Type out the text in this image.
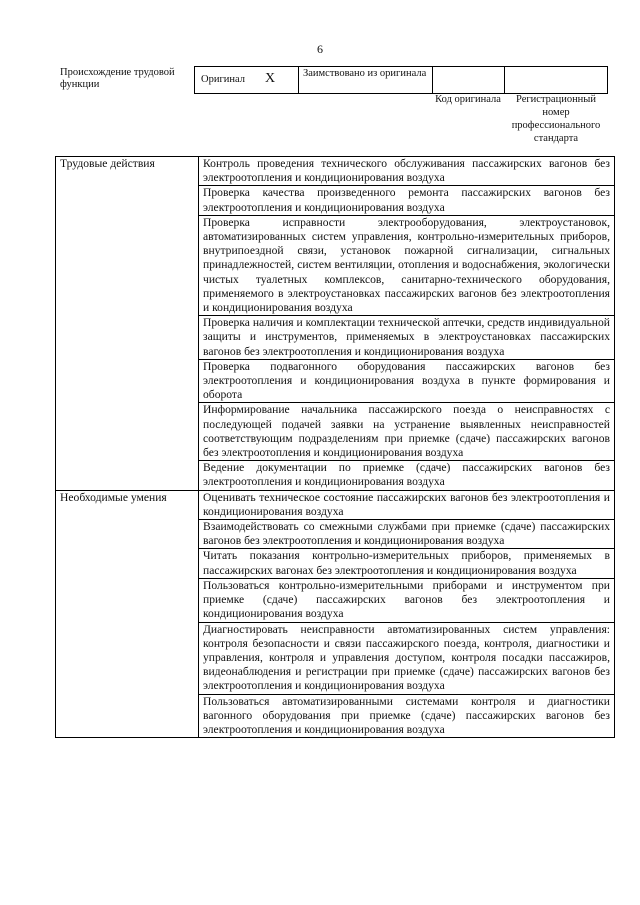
6
Происхождение трудовой функции	Оригинал X	Заимствовано из оригинала
Код оригинала	Регистрационный номер профессионального стандарта
Трудовые действия	Контроль проведения технического обслуживания пассажирских вагонов без электроотопления и кондиционирования воздуха
	Проверка качества произведенного ремонта пассажирских вагонов без электроотопления и кондиционирования воздуха
	Проверка исправности электрооборудования, электроустановок, автоматизированных систем управления, контрольно-измерительных приборов, внутрипоездной связи, установок пожарной сигнализации, сигнальных принадлежностей, систем вентиляции, отопления и водоснабжения, экологически чистых туалетных комплексов, санитарно-технического оборудования, применяемого в электроустановках пассажирских вагонов без электроотопления и кондиционирования воздуха
	Проверка наличия и комплектации технической аптечки, средств индивидуальной защиты и инструментов, применяемых в электроустановках пассажирских вагонов без электроотопления и кондиционирования воздуха
	Проверка подвагонного оборудования пассажирских вагонов без электроотопления и кондиционирования воздуха в пункте формирования и оборота
	Информирование начальника пассажирского поезда о неисправностях с последующей подачей заявки на устранение выявленных неисправностей соответствующим подразделениям при приемке (сдаче) пассажирских вагонов без электроотопления и кондиционирования воздуха
	Ведение документации по приемке (сдаче) пассажирских вагонов без электроотопления и кондиционирования воздуха
Необходимые умения	Оценивать техническое состояние пассажирских вагонов без электроотопления и кондиционирования воздуха
	Взаимодействовать со смежными службами при приемке (сдаче) пассажирских вагонов без электроотопления и кондиционирования воздуха
	Читать показания контрольно-измерительных приборов, применяемых в пассажирских вагонах без электроотопления и кондиционирования воздуха
	Пользоваться контрольно-измерительными приборами и инструментом при приемке (сдаче) пассажирских вагонов без электроотопления и кондиционирования воздуха
	Диагностировать неисправности автоматизированных систем управления: контроля безопасности и связи пассажирского поезда, контроля, диагностики и управления, контроля и управления доступом, контроля посадки пассажиров, видеонаблюдения и регистрации при приемке (сдаче) пассажирских вагонов без электроотопления и кондиционирования воздуха
	Пользоваться автоматизированными системами контроля и диагностики вагонного оборудования при приемке (сдаче) пассажирских вагонов без электроотопления и кондиционирования воздуха
